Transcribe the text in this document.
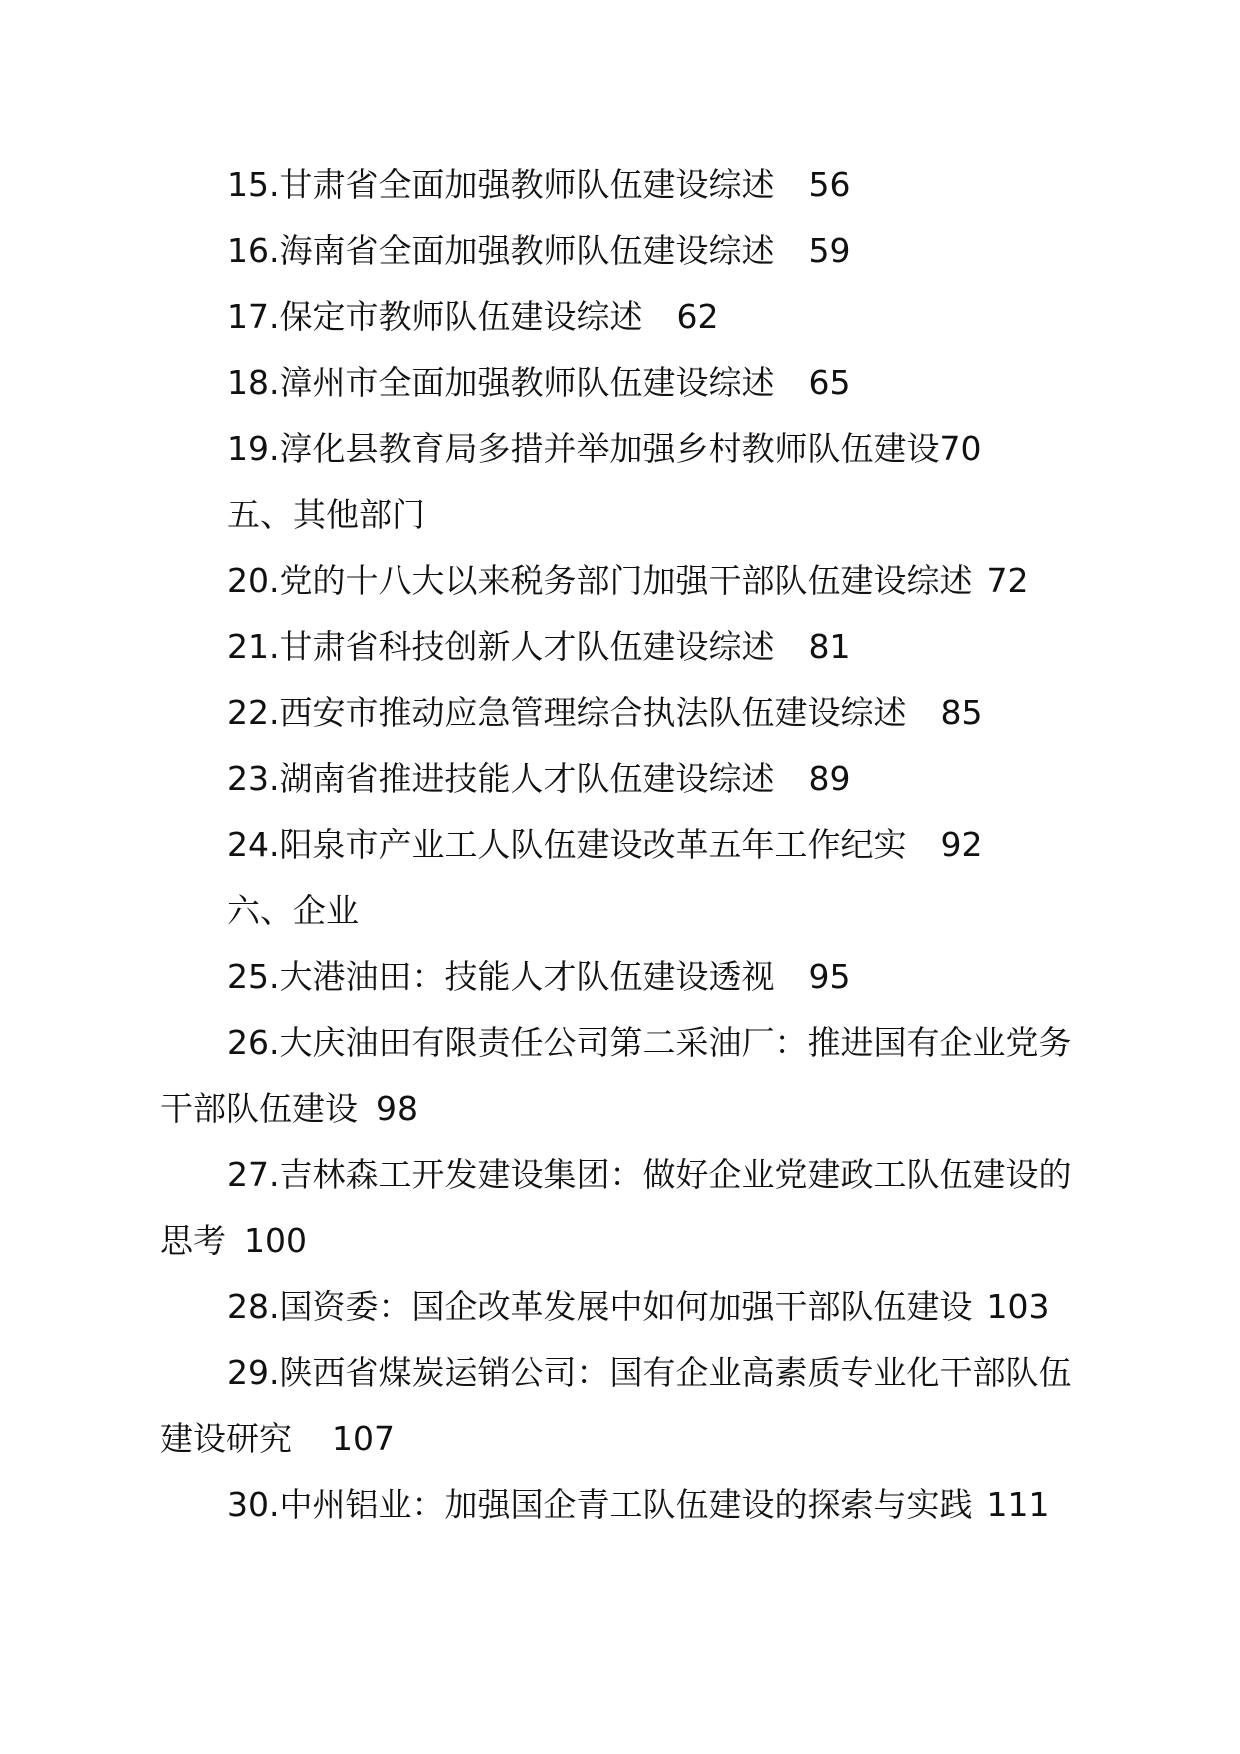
15.甘肃省全面加强教师队伍建设综述 56

16.海南省全面加强教师队伍建设综述 59

17.保定市教师队伍建设综述 62

18.漳州市全面加强教师队伍建设综述 65

19.淳化县教育局多措并举加强乡村教师队伍建设70

五、其他部门

20.党的十八大以来税务部门加强干部队伍建设综述 72

21.甘肃省科技创新人才队伍建设综述 81

22.西安市推动应急管理综合执法队伍建设综述 85

23.湖南省推进技能人才队伍建设综述 89

24.阳泉市产业工人队伍建设改革五年工作纪实 92

六、企业

25.大港油田：技能人才队伍建设透视 95

26.大庆油田有限责任公司第二采油厂：推进国有企业党务干部队伍建设 98

27.吉林森工开发建设集团：做好企业党建政工队伍建设的思考 100

28.国资委：国企改革发展中如何加强干部队伍建设 103

29.陕西省煤炭运销公司：国有企业高素质专业化干部队伍建设研究 107

30.中州铝业：加强国企青工队伍建设的探索与实践 111
